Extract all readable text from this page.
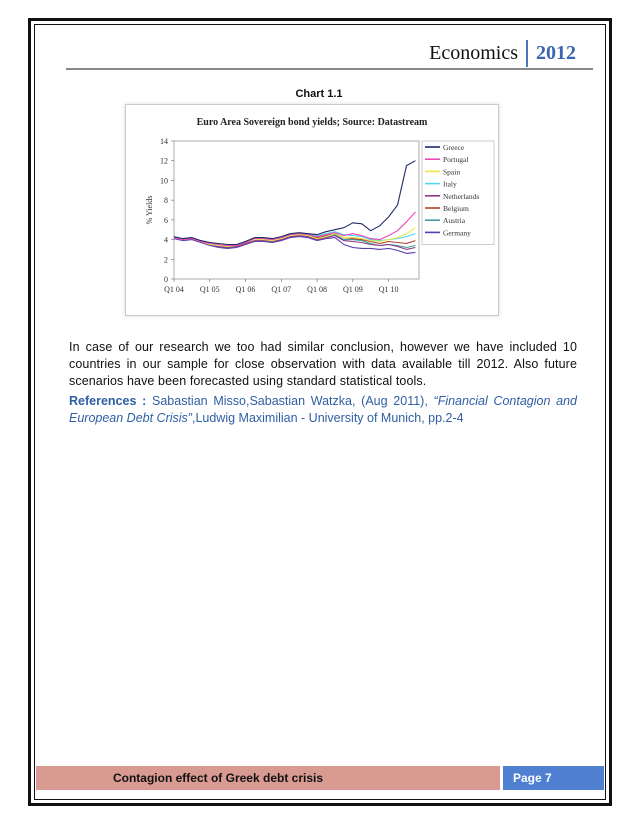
Economics 2012
Chart 1.1
Euro Area Sovereign bond yields; Source: Datastream
0
2
4
6
8
10
12
14
% Yields
Q1 04 Q1 05 Q1 06 Q1 07 Q1 08 Q1 09 Q1 10
Greece
Portugal
Spain
Italy
Netherlands
Belgium
Austria
Germany
In case of our research we too had similar conclusion, however we have included 10 countries in our sample for close observation with data available till 2012. Also future scenarios have been forecasted using standard statistical tools.
References : Sabastian Misso,Sabastian Watzka, (Aug 2011), “Financial Contagion and European Debt Crisis”,Ludwig Maximilian - University of Munich, pp.2-4
Contagion effect of Greek debt crisis	Page 7
